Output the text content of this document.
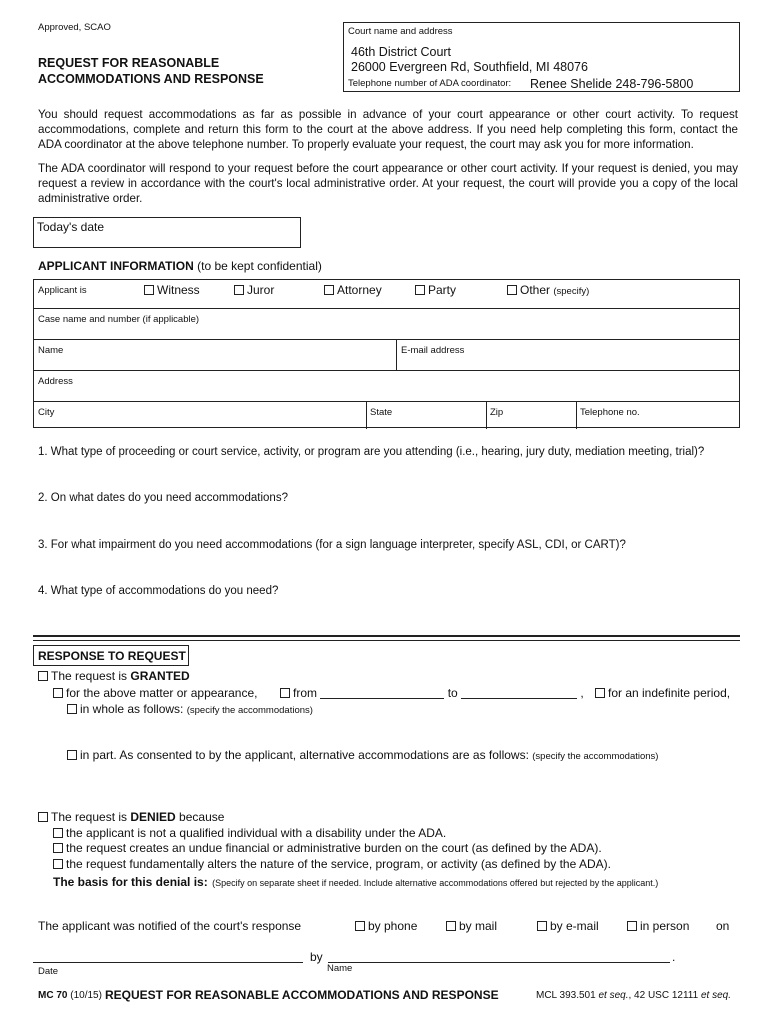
Approved, SCAO
REQUEST FOR REASONABLE
ACCOMMODATIONS AND RESPONSE
Court name and address
46th District Court
26000 Evergreen Rd, Southfield, MI 48076
Telephone number of ADA coordinator: Renee Shelide 248-796-5800
You should request accommodations as far as possible in advance of your court appearance or other court activity. To request accommodations, complete and return this form to the court at the above address. If you need help completing this form, contact the ADA coordinator at the above telephone number. To properly evaluate your request, the court may ask you for more information.
The ADA coordinator will respond to your request before the court appearance or other court activity. If your request is denied, you may request a review in accordance with the court's local administrative order. At your request, the court will provide you a copy of the local administrative order.
Today's date
APPLICANT INFORMATION (to be kept confidential)
Applicant is	Witness	Juror	Attorney	Party	Other (specify)
Case name and number (if applicable)
Name	E-mail address
Address
City	State	Zip	Telephone no.
1. What type of proceeding or court service, activity, or program are you attending (i.e., hearing, jury duty, mediation meeting, trial)?
2. On what dates do you need accommodations?
3. For what impairment do you need accommodations (for a sign language interpreter, specify ASL, CDI, or CART)?
4. What type of accommodations do you need?
RESPONSE TO REQUEST
The request is GRANTED
for the above matter or appearance,	from	to	,	for an indefinite period,
in whole as follows: (specify the accommodations)
in part. As consented to by the applicant, alternative accommodations are as follows: (specify the accommodations)
The request is DENIED because
the applicant is not a qualified individual with a disability under the ADA.
the request creates an undue financial or administrative burden on the court (as defined by the ADA).
the request fundamentally alters the nature of the service, program, or activity (as defined by the ADA).
The basis for this denial is: (Specify on separate sheet if needed. Include alternative accommodations offered but rejected by the applicant.)
The applicant was notified of the court's response	by phone	by mail	by e-mail	in person on
Date
by	.
Name
MC 70 (10/15) REQUEST FOR REASONABLE ACCOMMODATIONS AND RESPONSE	MCL 393.501 et seq., 42 USC 12111 et seq.
